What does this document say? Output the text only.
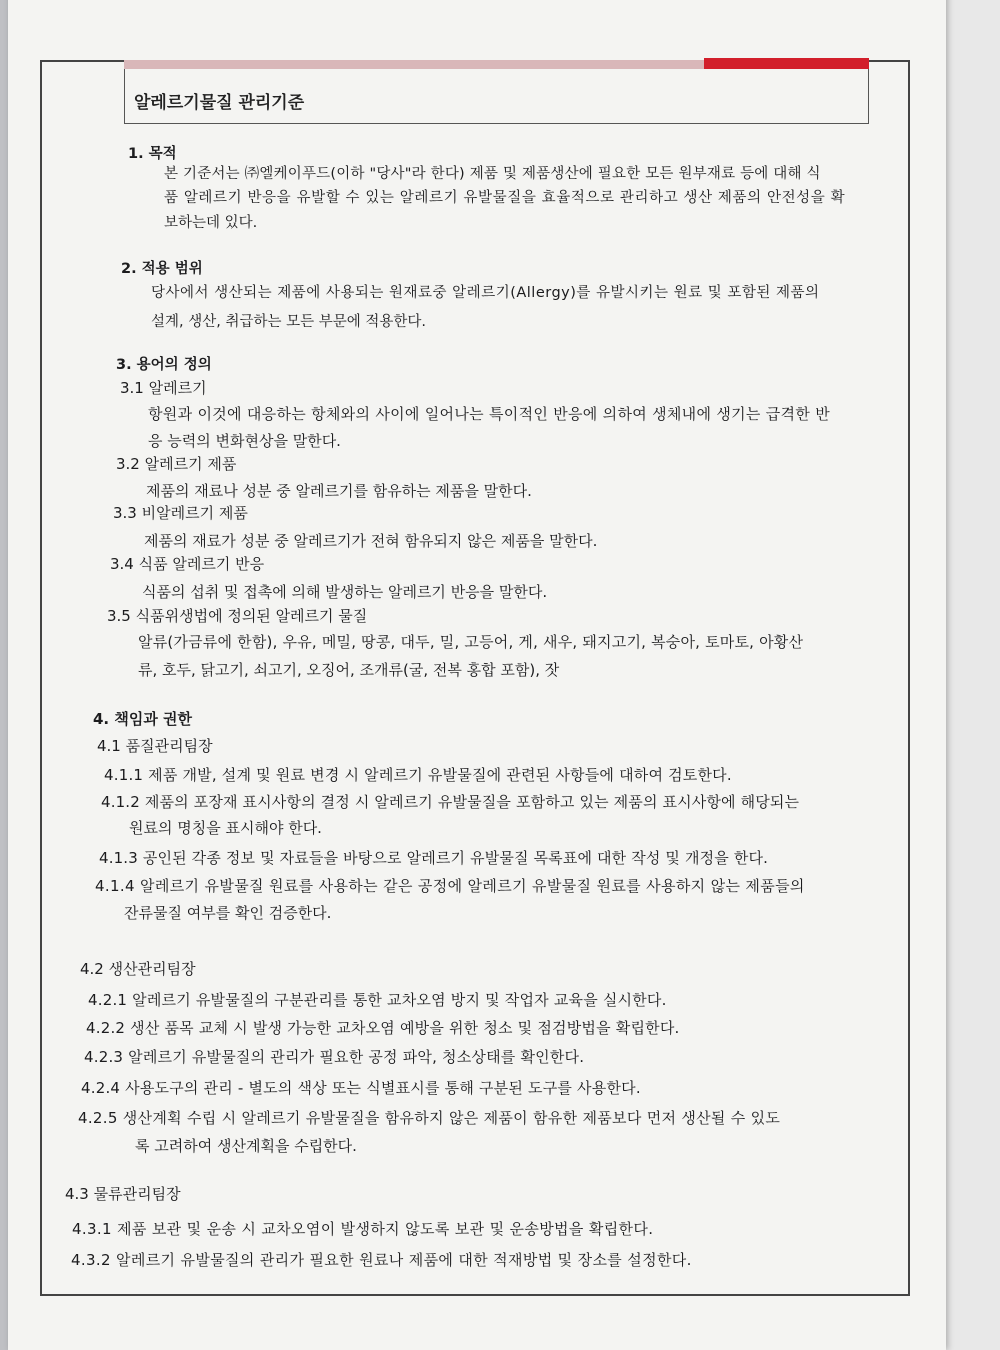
알레르기물질 관리기준
1. 목적
본 기준서는 ㈜엘케이푸드(이하 "당사"라 한다) 제품 및 제품생산에 필요한 모든 원부재료 등에 대해 식
품 알레르기 반응을 유발할 수 있는 알레르기 유발물질을 효율적으로 관리하고 생산 제품의 안전성을 확
보하는데 있다.
2. 적용 범위
당사에서 생산되는 제품에 사용되는 원재료중 알레르기(Allergy)를 유발시키는 원료 및 포함된 제품의
설계, 생산, 취급하는 모든 부문에 적용한다.
3. 용어의 정의
3.1 알레르기
항원과 이것에 대응하는 항체와의 사이에 일어나는 특이적인 반응에 의하여 생체내에 생기는 급격한 반
응 능력의 변화현상을 말한다.
3.2 알레르기 제품
제품의 재료나 성분 중 알레르기를 함유하는 제품을 말한다.
3.3 비알레르기 제품
제품의 재료가 성분 중 알레르기가 전혀 함유되지 않은 제품을 말한다.
3.4 식품 알레르기 반응
식품의 섭취 및 접촉에 의해 발생하는 알레르기 반응을 말한다.
3.5 식품위생법에 정의된 알레르기 물질
알류(가금류에 한함), 우유, 메밀, 땅콩, 대두, 밀, 고등어, 게, 새우, 돼지고기, 복숭아, 토마토, 아황산
류, 호두, 닭고기, 쇠고기, 오징어, 조개류(굴, 전복 홍합 포함), 잣
4. 책임과 권한
4.1 품질관리팀장
4.1.1 제품 개발, 설계 및 원료 변경 시 알레르기 유발물질에 관련된 사항들에 대하여 검토한다.
4.1.2 제품의 포장재 표시사항의 결정 시 알레르기 유발물질을 포함하고 있는 제품의 표시사항에 해당되는
원료의 명칭을 표시해야 한다.
4.1.3 공인된 각종 정보 및 자료들을 바탕으로 알레르기 유발물질 목록표에 대한 작성 및 개정을 한다.
4.1.4 알레르기 유발물질 원료를 사용하는 같은 공정에 알레르기 유발물질 원료를 사용하지 않는 제품들의
잔류물질 여부를 확인 검증한다.
4.2 생산관리팀장
4.2.1 알레르기 유발물질의 구분관리를 통한 교차오염 방지 및 작업자 교육을 실시한다.
4.2.2 생산 품목 교체 시 발생 가능한 교차오염 예방을 위한 청소 및 점검방법을 확립한다.
4.2.3 알레르기 유발물질의 관리가 필요한 공정 파악, 청소상태를 확인한다.
4.2.4 사용도구의 관리 - 별도의 색상 또는 식별표시를 통해 구분된 도구를 사용한다.
4.2.5 생산계획 수립 시 알레르기 유발물질을 함유하지 않은 제품이 함유한 제품보다 먼저 생산될 수 있도
록 고려하여 생산계획을 수립한다.
4.3 물류관리팀장
4.3.1 제품 보관 및 운송 시 교차오염이 발생하지 않도록 보관 및 운송방법을 확립한다.
4.3.2 알레르기 유발물질의 관리가 필요한 원료나 제품에 대한 적재방법 및 장소를 설정한다.
